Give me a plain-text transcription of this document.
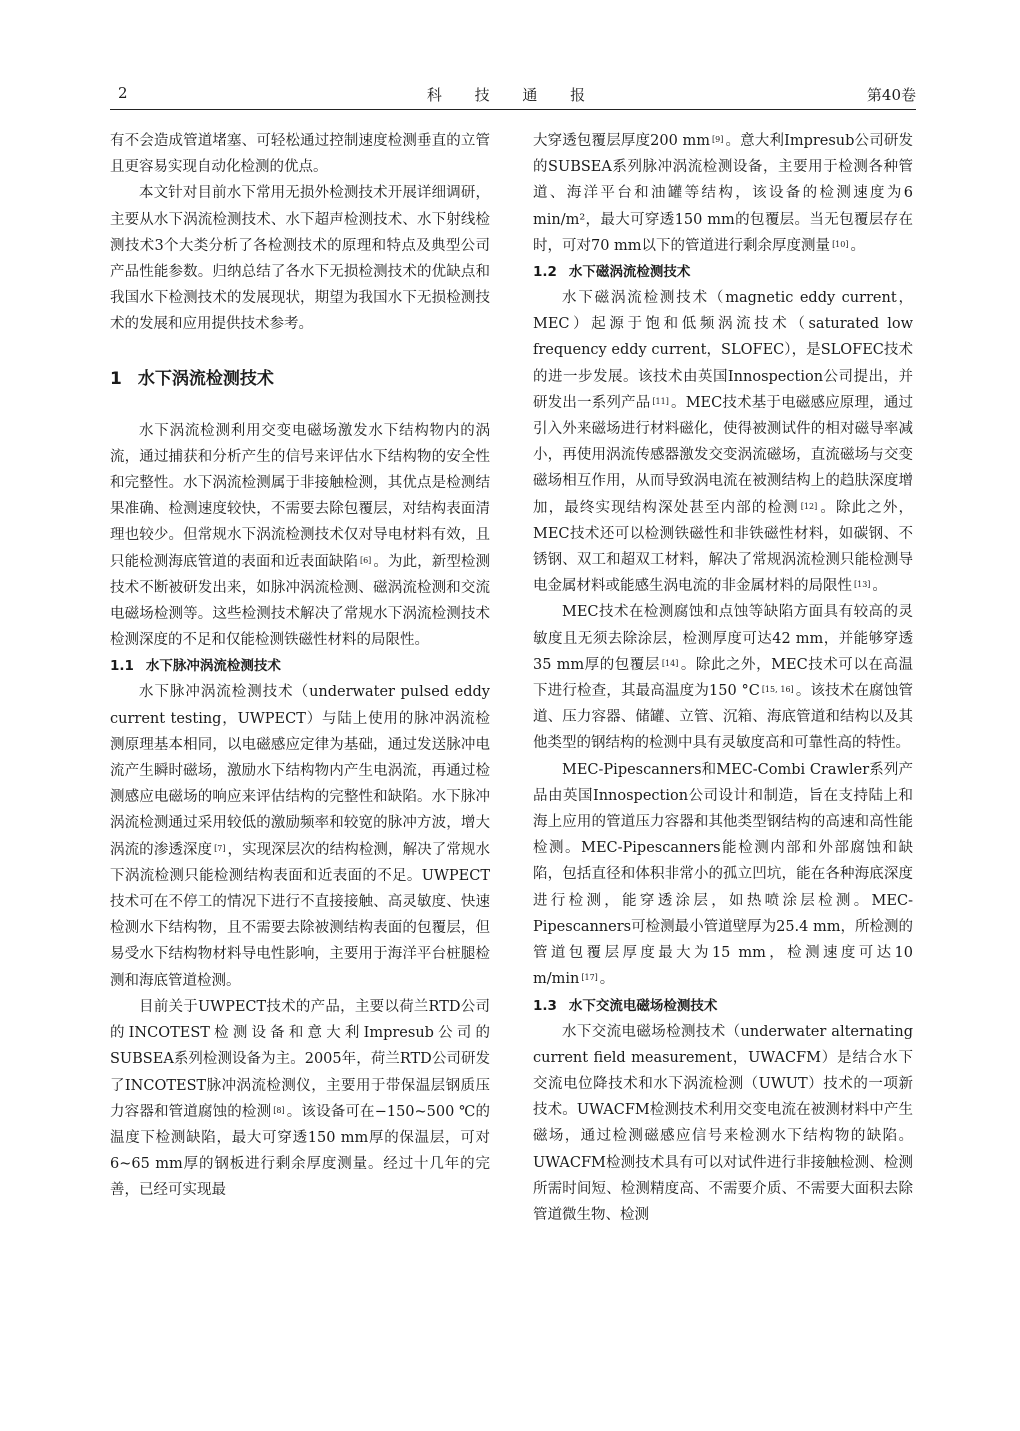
2	科 技 通 报	第40卷

有不会造成管道堵塞、可轻松通过控制速度检测垂直的立管且更容易实现自动化检测的优点。

本文针对目前水下常用无损外检测技术开展详细调研，主要从水下涡流检测技术、水下超声检测技术、水下射线检测技术3个大类分析了各检测技术的原理和特点及典型公司产品性能参数。归纳总结了各水下无损检测技术的优缺点和我国水下检测技术的发展现状，期望为我国水下无损检测技术的发展和应用提供技术参考。

1 水下涡流检测技术

水下涡流检测利用交变电磁场激发水下结构物内的涡流，通过捕获和分析产生的信号来评估水下结构物的安全性和完整性。水下涡流检测属于非接触检测，其优点是检测结果准确、检测速度较快，不需要去除包覆层，对结构表面清理也较少。但常规水下涡流检测技术仅对导电材料有效，且只能检测海底管道的表面和近表面缺陷 [6] 。为此，新型检测技术不断被研发出来，如脉冲涡流检测、磁涡流检测和交流电磁场检测等。这些检测技术解决了常规水下涡流检测技术检测深度的不足和仅能检测铁磁性材料的局限性。

1.1 水下脉冲涡流检测技术

水下脉冲涡流检测技术（underwater pulsed eddy current testing，UWPECT）与陆上使用的脉冲涡流检测原理基本相同，以电磁感应定律为基础，通过发送脉冲电流产生瞬时磁场，激励水下结构物内产生电涡流，再通过检测感应电磁场的响应来评估结构的完整性和缺陷。水下脉冲涡流检测通过采用较低的激励频率和较宽的脉冲方波，增大涡流的渗透深度 [7] ，实现深层次的结构检测，解决了常规水下涡流检测只能检测结构表面和近表面的不足。UWPECT技术可在不停工的情况下进行不直接接触、高灵敏度、快速检测水下结构物，且不需要去除被测结构表面的包覆层，但易受水下结构物材料导电性影响，主要用于海洋平台桩腿检测和海底管道检测。

目前关于UWPECT技术的产品，主要以荷兰RTD公司的INCOTEST检测设备和意大利Impresub公司的SUBSEA系列检测设备为主。2005年，荷兰RTD公司研发了INCOTEST脉冲涡流检测仪，主要用于带保温层钢质压力容器和管道腐蚀的检测 [8] 。该设备可在−150~500 ℃的温度下检测缺陷，最大可穿透150 mm厚的保温层，可对6~65 mm厚的钢板进行剩余厚度测量。经过十几年的完善，已经可实现最

大穿透包覆层厚度200 mm [9] 。意大利Impresub公司研发的SUBSEA系列脉冲涡流检测设备，主要用于检测各种管道、海洋平台和油罐等结构，该设备的检测速度为6 min/m²，最大可穿透150 mm的包覆层。当无包覆层存在时，可对70 mm以下的管道进行剩余厚度测量 [10] 。

1.2 水下磁涡流检测技术

水下磁涡流检测技术（magnetic eddy current，MEC）起源于饱和低频涡流技术（saturated low frequency eddy current，SLOFEC），是SLOFEC技术的进一步发展。该技术由英国Innospection公司提出，并研发出一系列产品 [11] 。MEC技术基于电磁感应原理，通过引入外来磁场进行材料磁化，使得被测试件的相对磁导率减小，再使用涡流传感器激发交变涡流磁场，直流磁场与交变磁场相互作用，从而导致涡电流在被测结构上的趋肤深度增加，最终实现结构深处甚至内部的检测 [12] 。除此之外，MEC技术还可以检测铁磁性和非铁磁性材料，如碳钢、不锈钢、双工和超双工材料，解决了常规涡流检测只能检测导电金属材料或能感生涡电流的非金属材料的局限性 [13] 。

MEC技术在检测腐蚀和点蚀等缺陷方面具有较高的灵敏度且无须去除涂层，检测厚度可达42 mm，并能够穿透35 mm厚的包覆层 [14] 。除此之外，MEC技术可以在高温下进行检查，其最高温度为150 °C [15, 16] 。该技术在腐蚀管道、压力容器、储罐、立管、沉箱、海底管道和结构以及其他类型的钢结构的检测中具有灵敏度高和可靠性高的特性。

MEC-Pipescanners和MEC-Combi Crawler系列产品由英国Innospection公司设计和制造，旨在支持陆上和海上应用的管道压力容器和其他类型钢结构的高速和高性能检测。MEC-Pipescanners能检测内部和外部腐蚀和缺陷，包括直径和体积非常小的孤立凹坑，能在各种海底深度进行检测，能穿透涂层，如热喷涂层检测。MEC-Pipescanners可检测最小管道壁厚为25.4 mm，所检测的管道包覆层厚度最大为15 mm，检测速度可达10 m/min [17] 。

1.3 水下交流电磁场检测技术

水下交流电磁场检测技术（underwater alternating current field measurement，UWACFM）是结合水下交流电位降技术和水下涡流检测（UWUT）技术的一项新技术。UWACFM检测技术利用交变电流在被测材料中产生磁场，通过检测磁感应信号来检测水下结构物的缺陷。UWACFM检测技术具有可以对试件进行非接触检测、检测所需时间短、检测精度高、不需要介质、不需要大面积去除管道微生物、检测
